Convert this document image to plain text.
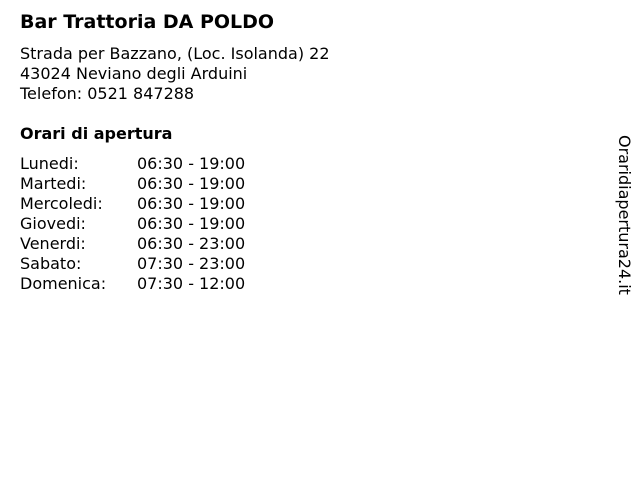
Bar Trattoria DA POLDO
Strada per Bazzano, (Loc. Isolanda) 22
43024 Neviano degli Arduini
Telefon: 0521 847288
Orari di apertura
Lunedi:	06:30 - 19:00
Martedi:	06:30 - 19:00
Mercoledi:	06:30 - 19:00
Giovedi:	06:30 - 19:00
Venerdi:	06:30 - 23:00
Sabato:	07:30 - 23:00
Domenica:	07:30 - 12:00	Oraridiapertura24.it
